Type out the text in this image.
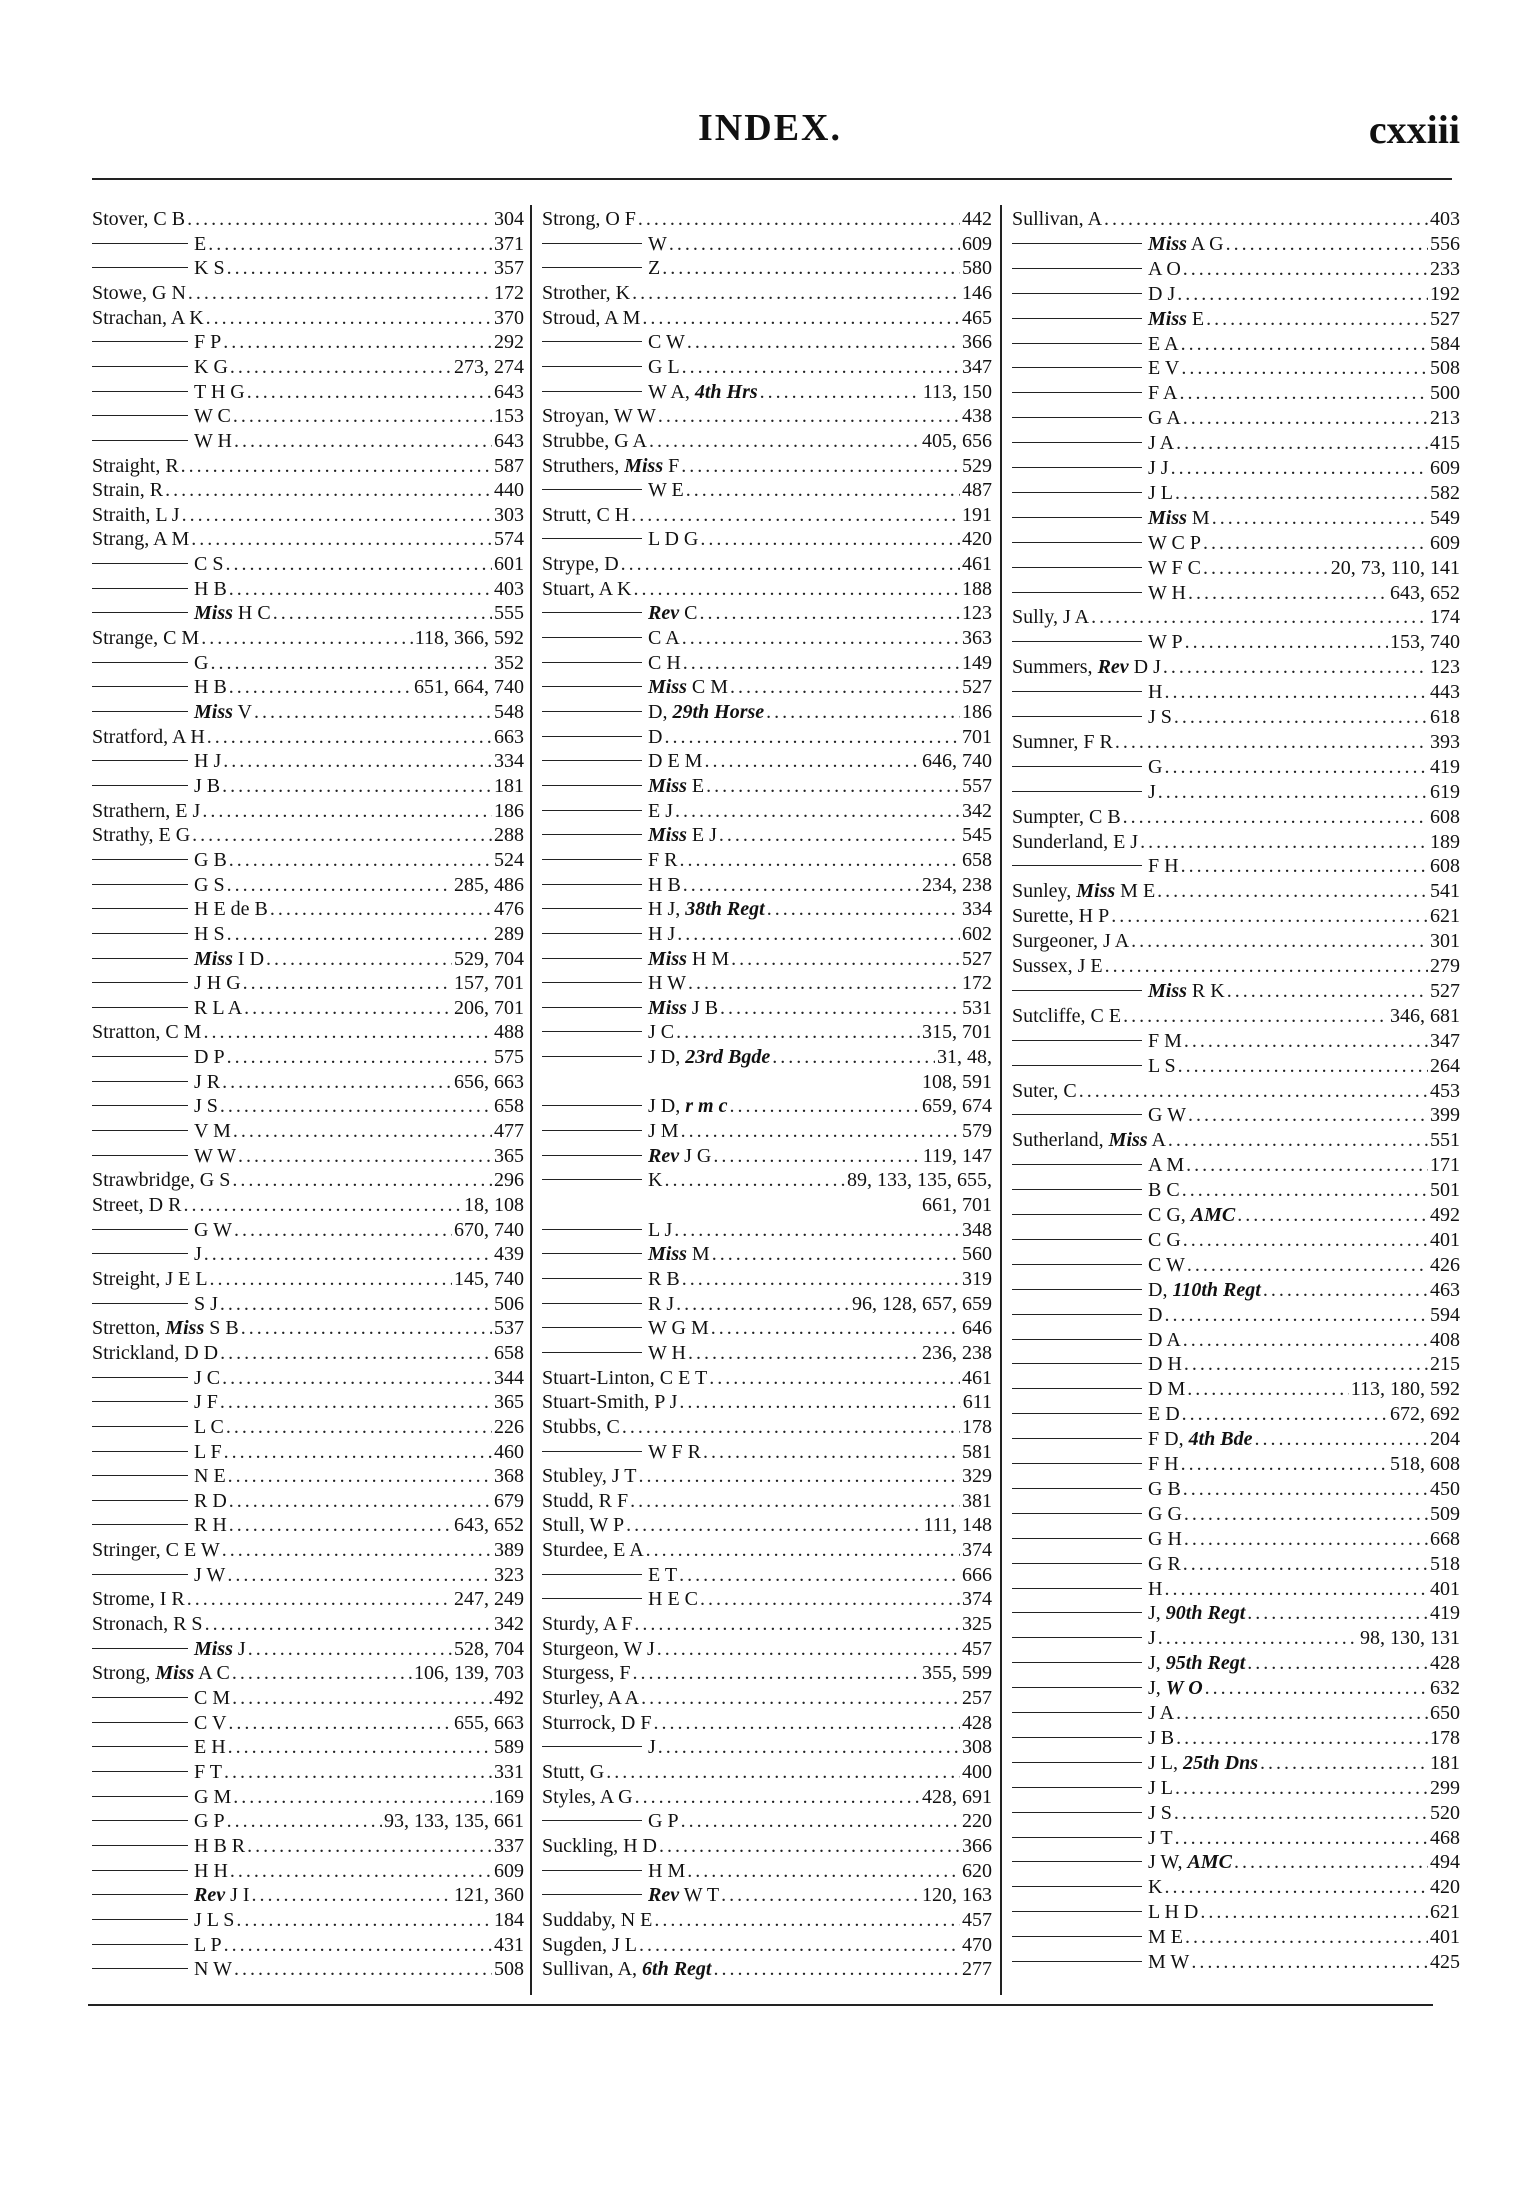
INDEX.	cxxiii
Stover, C B .....	304
E .....	371
K S .....	357
Stowe, G N .....	172
Strachan, A K .....	370
F P .....	292
K G .....	273, 274
T H G .....	643
W C .....	153
W H .....	643
Straight, R .....	587
Strain, R .....	440
Straith, L J .....	303
Strang, A M .....	574
C S .....	601
H B .....	403
Miss H C .....	555
Strange, C M .....	118, 366, 592
G .....	352
H B .....	651, 664, 740
Miss V .....	548
Stratford, A H .....	663
H J .....	334
J B .....	181
Strathern, E J .....	186
Strathy, E G .....	288
G B .....	524
G S .....	285, 486
H E de B .....	476
H S .....	289
Miss I D .....	529, 704
J H G .....	157, 701
R L A .....	206, 701
Stratton, C M .....	488
D P .....	575
J R .....	656, 663
J S .....	658
V M .....	477
W W .....	365
Strawbridge, G S .....	296
Street, D R .....	18, 108
G W .....	670, 740
J .....	439
Streight, J E L .....	145, 740
S J .....	506
Stretton, Miss S B .....	537
Strickland, D D .....	658
J C .....	344
J F .....	365
L C .....	226
L F .....	460
N E .....	368
R D .....	679
R H .....	643, 652
Stringer, C E W .....	389
J W .....	323
Strome, I R .....	247, 249
Stronach, R S .....	342
Miss J .....	528, 704
Strong, Miss A C .....	106, 139, 703
C M .....	492
C V .....	655, 663
E H .....	589
F T .....	331
G M .....	169
G P .....	93, 133, 135, 661
H B R .....	337
H H .....	609
Rev J I .....	121, 360
J L S .....	184
L P .....	431
N W .....	508
Strong, O F .....	442
W .....	609
Z .....	580
Strother, K .....	146
Stroud, A M .....	465
C W .....	366
G L .....	347
W A, 4th Hrs .....	113, 150
Stroyan, W W .....	438
Strubbe, G A .....	405, 656
Struthers, Miss F .....	529
W E .....	487
Strutt, C H .....	191
L D G .....	420
Strype, D .....	461
Stuart, A K .....	188
Rev C .....	123
C A .....	363
C H .....	149
Miss C M .....	527
D, 29th Horse .....	186
D .....	701
D E M .....	646, 740
Miss E .....	557
E J .....	342
Miss E J .....	545
F R .....	658
H B .....	234, 238
H J, 38th Regt .....	334
H J .....	602
Miss H M .....	527
H W .....	172
Miss J B .....	531
J C .....	315, 701
J D, 23rd Bgde .....	31, 48,
108, 591
J D, r m c .....	659, 674
J M .....	579
Rev J G .....	119, 147
K .....	89, 133, 135, 655,
661, 701
L J .....	348
Miss M .....	560
R B .....	319
R J .....	96, 128, 657, 659
W G M .....	646
W H .....	236, 238
Stuart-Linton, C E T .....	461
Stuart-Smith, P J .....	611
Stubbs, C .....	178
W F R .....	581
Stubley, J T .....	329
Studd, R F .....	381
Stull, W P .....	111, 148
Sturdee, E A .....	374
E T .....	666
H E C .....	374
Sturdy, A F .....	325
Sturgeon, W J .....	457
Sturgess, F .....	355, 599
Sturley, A A .....	257
Sturrock, D F .....	428
J .....	308
Stutt, G .....	400
Styles, A G .....	428, 691
G P .....	220
Suckling, H D .....	366
H M .....	620
Rev W T .....	120, 163
Suddaby, N E .....	457
Sugden, J L .....	470
Sullivan, A, 6th Regt .....	277
Sullivan, A .....	403
Miss A G .....	556
A O .....	233
D J .....	192
Miss E .....	527
E A .....	584
E V .....	508
F A .....	500
G A .....	213
J A .....	415
J J .....	609
J L .....	582
Miss M .....	549
W C P .....	609
W F C .....	20, 73, 110, 141
W H .....	643, 652
Sully, J A .....	174
W P .....	153, 740
Summers, Rev D J .....	123
H .....	443
J S .....	618
Sumner, F R .....	393
G .....	419
J .....	619
Sumpter, C B .....	608
Sunderland, E J .....	189
F H .....	608
Sunley, Miss M E .....	541
Surette, H P .....	621
Surgeoner, J A .....	301
Sussex, J E .....	279
Miss R K .....	527
Sutcliffe, C E .....	346, 681
F M .....	347
L S .....	264
Suter, C .....	453
G W .....	399
Sutherland, Miss A .....	551
A M .....	171
B C .....	501
C G, AMC .....	492
C G .....	401
C W .....	426
D, 110th Regt .....	463
D .....	594
D A .....	408
D H .....	215
D M .....	113, 180, 592
E D .....	672, 692
F D, 4th Bde .....	204
F H .....	518, 608
G B .....	450
G G .....	509
G H .....	668
G R .....	518
H .....	401
J, 90th Regt .....	419
J .....	98, 130, 131
J, 95th Regt .....	428
J, W O .....	632
J A .....	650
J B .....	178
J L, 25th Dns .....	181
J L .....	299
J S .....	520
J T .....	468
J W, AMC .....	494
K .....	420
L H D .....	621
M E .....	401
M W .....	425
